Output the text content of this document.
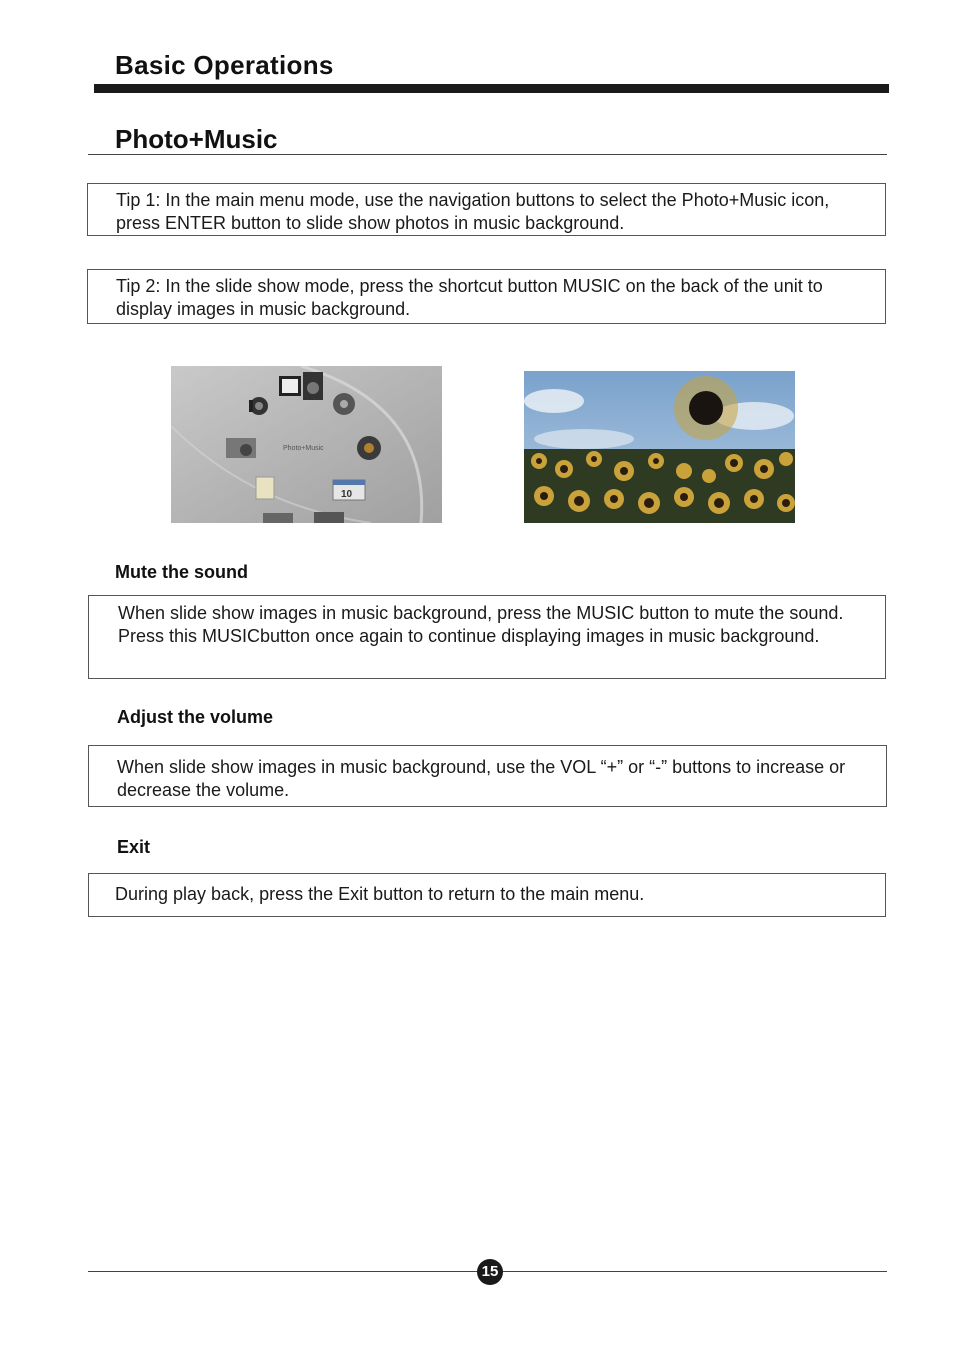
Basic Operations
Photo+Music
Tip 1: In the main menu mode, use the navigation buttons to select the Photo+Music icon, press ENTER button to slide show photos in music background.
Tip 2: In the slide show mode, press the shortcut button MUSIC on the back of the unit to display images in music background.
Photo+Music
10
Mute the sound
When slide show images in music background, press the MUSIC button to mute the sound. Press this MUSICbutton once again to continue displaying images in music background.
Adjust the volume
When slide show images in music background, use the VOL “+” or “-” buttons to increase or decrease the volume.
Exit
During play back, press the Exit button to return to the main menu.
15
